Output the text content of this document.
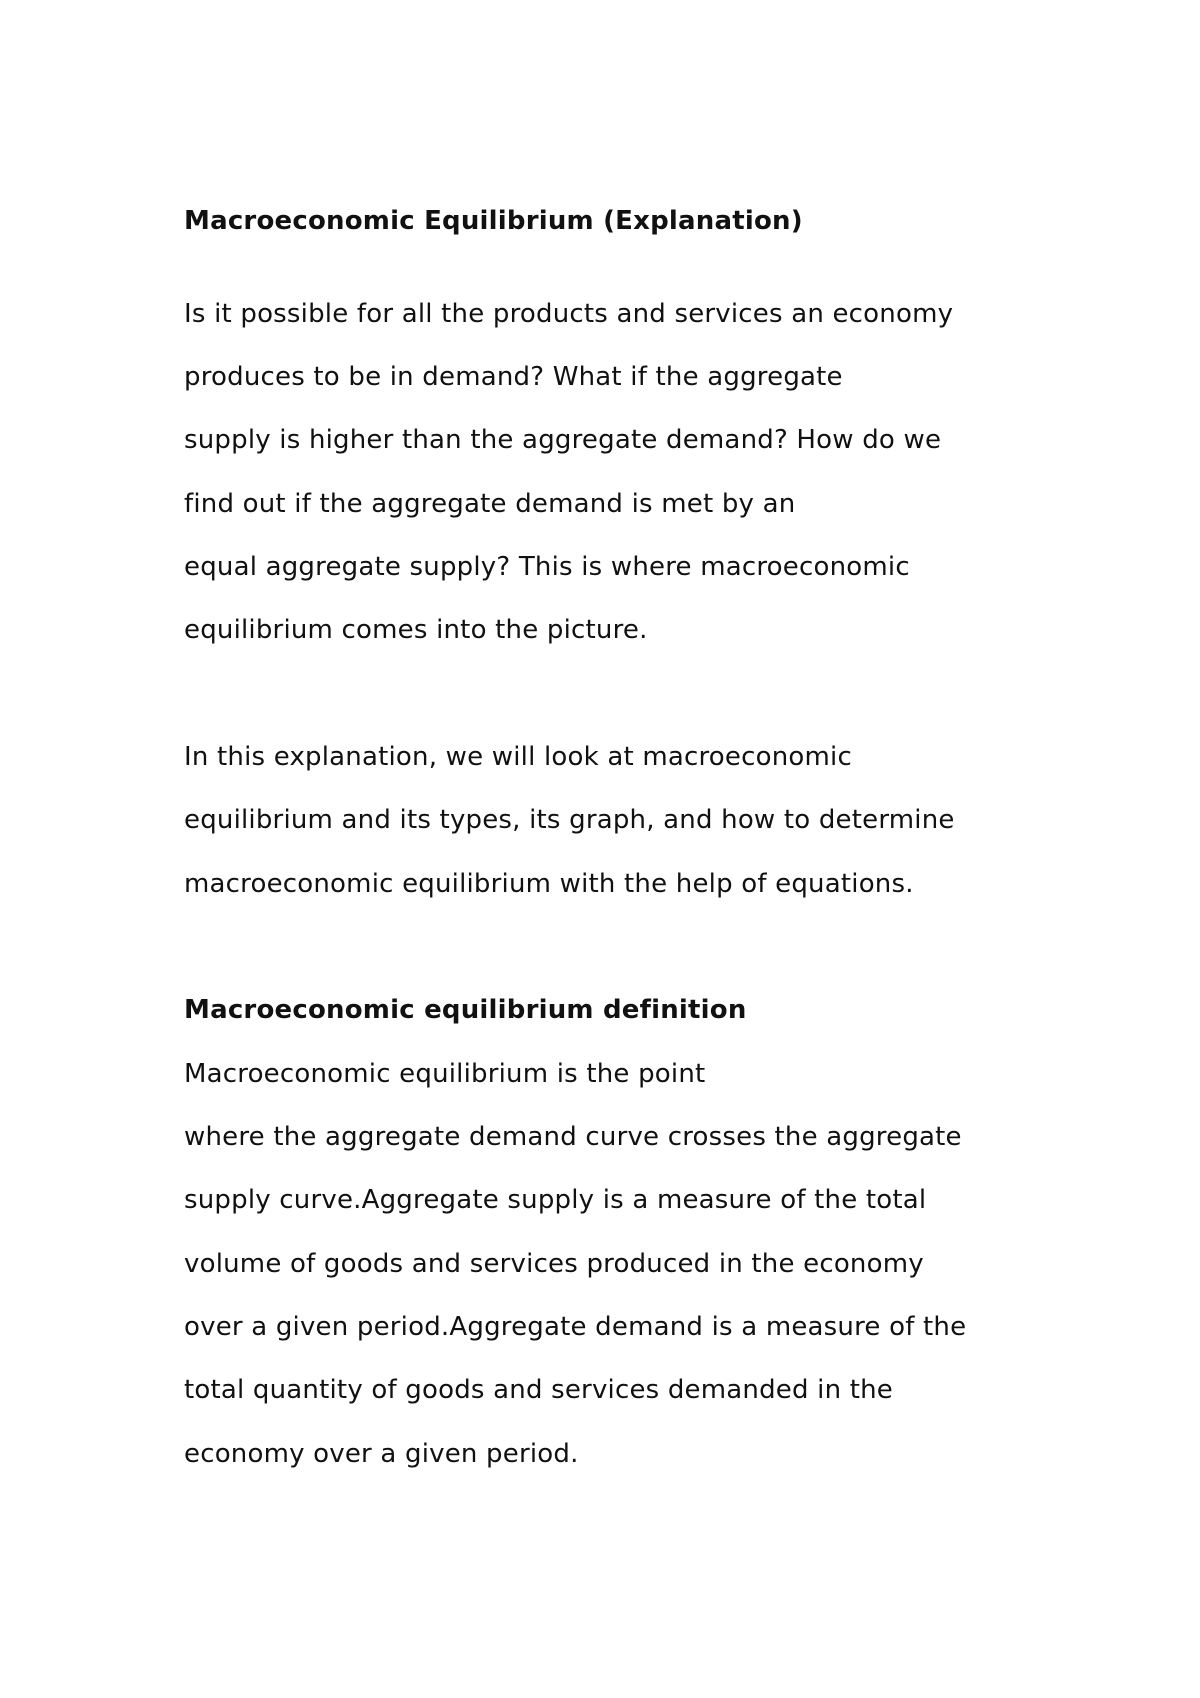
Macroeconomic Equilibrium (Explanation)

Is it possible for all the products and services an economy

produces to be in demand? What if the aggregate

supply is higher than the aggregate demand? How do we

find out if the aggregate demand is met by an

equal aggregate supply? This is where macroeconomic

equilibrium comes into the picture.

In this explanation, we will look at macroeconomic

equilibrium and its types, its graph, and how to determine

macroeconomic equilibrium with the help of equations.

Macroeconomic equilibrium definition

Macroeconomic equilibrium is the point

where the aggregate demand curve crosses the aggregate

supply curve.Aggregate supply is a measure of the total

volume of goods and services produced in the economy

over a given period.Aggregate demand is a measure of the

total quantity of goods and services demanded in the

economy over a given period.
